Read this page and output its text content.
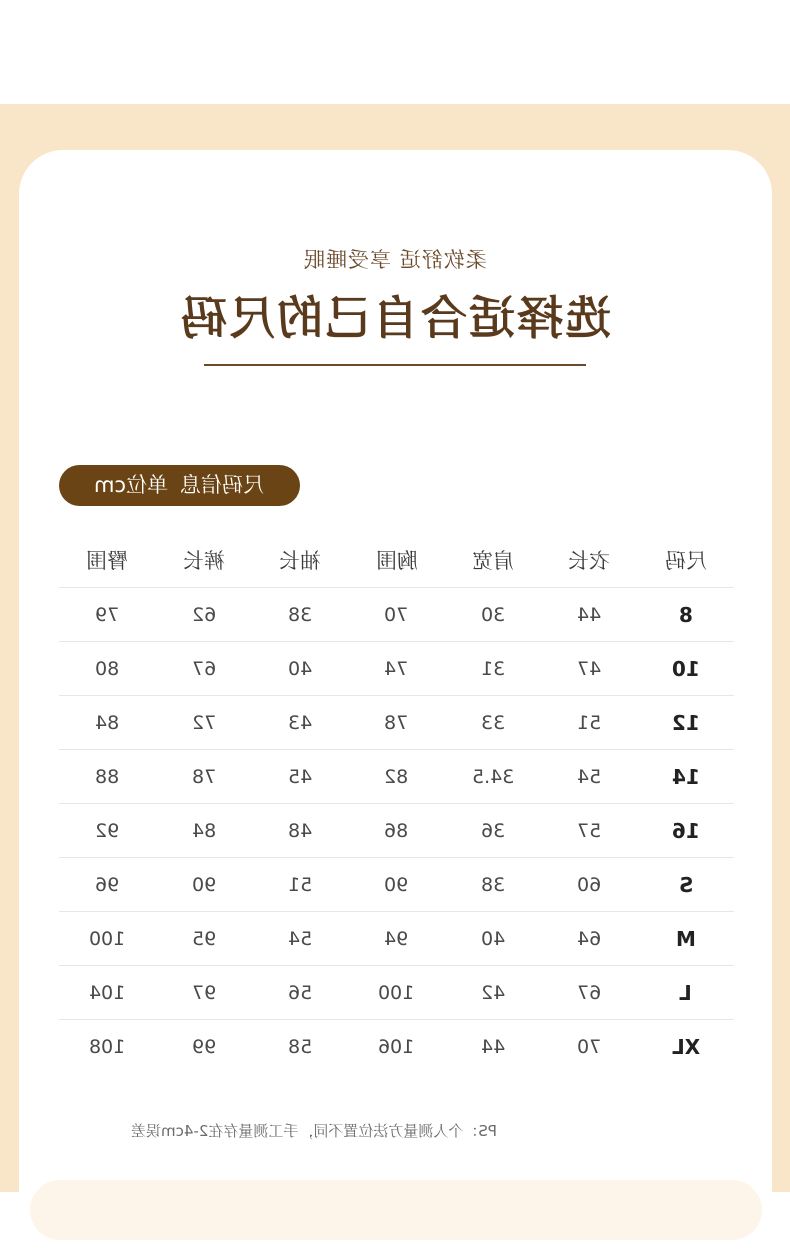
柔软舒适 享受睡眠
选择适合自己的尺码
尺码信息单位cm
尺码
衣长
肩宽
胸围
袖长
裤长
臀围
8
44
30
70
38
62
79
10
47
31
74
40
67
80
12
51
33
78
43
72
84
14
54
34.5
82
45
78
88
16
57
36
86
48
84
92
S
60
38
90
51
90
96
M
64
40
94
54
95
100
L
67
42
100
56
97
104
XL
70
44
106
58
99
108
PS：个人测量方法位置不同，手工测量存在2-4cm误差
